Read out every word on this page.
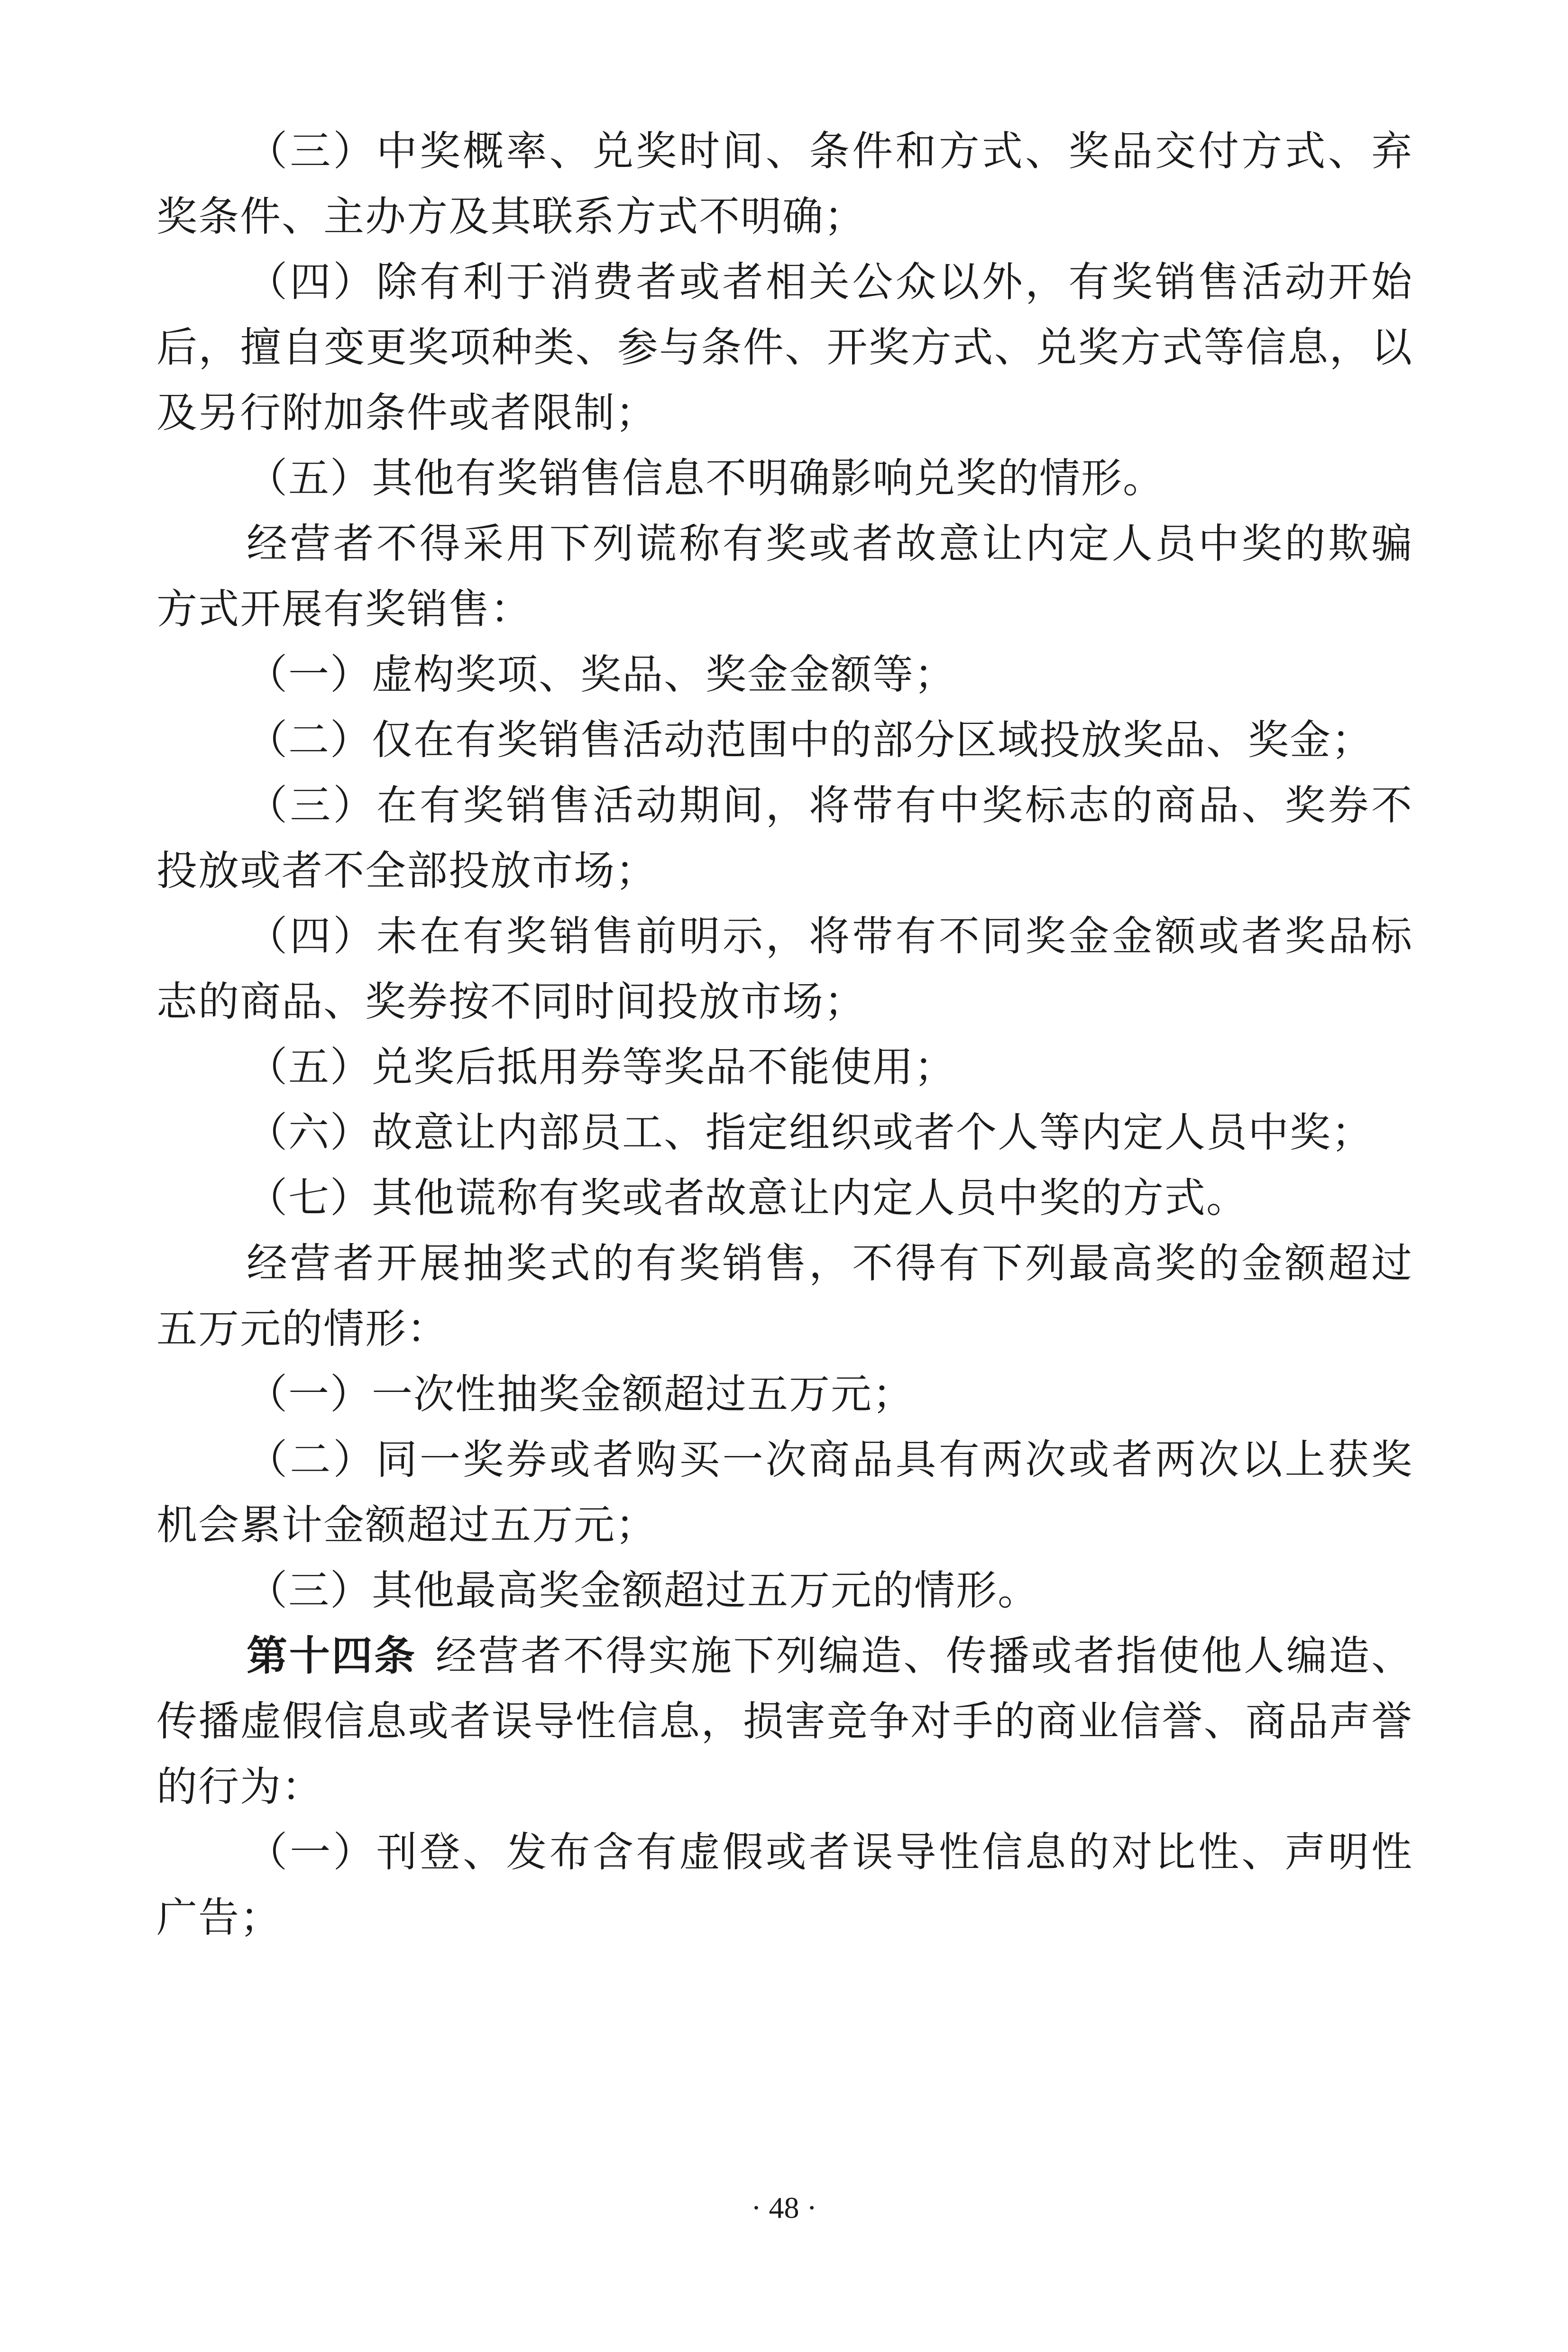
（三）中奖概率、兑奖时间、条件和方式、奖品交付方式、弃奖条件、主办方及其联系方式不明确；

（四）除有利于消费者或者相关公众以外，有奖销售活动开始后，擅自变更奖项种类、参与条件、开奖方式、兑奖方式等信息，以及另行附加条件或者限制；

（五）其他有奖销售信息不明确影响兑奖的情形。

经营者不得采用下列谎称有奖或者故意让内定人员中奖的欺骗方式开展有奖销售：

（一）虚构奖项、奖品、奖金金额等；

（二）仅在有奖销售活动范围中的部分区域投放奖品、奖金；

（三）在有奖销售活动期间，将带有中奖标志的商品、奖券不投放或者不全部投放市场；

（四）未在有奖销售前明示，将带有不同奖金金额或者奖品标志的商品、奖券按不同时间投放市场；

（五）兑奖后抵用券等奖品不能使用；

（六）故意让内部员工、指定组织或者个人等内定人员中奖；

（七）其他谎称有奖或者故意让内定人员中奖的方式。

经营者开展抽奖式的有奖销售，不得有下列最高奖的金额超过五万元的情形：

（一）一次性抽奖金额超过五万元；

（二）同一奖券或者购买一次商品具有两次或者两次以上获奖机会累计金额超过五万元；

（三）其他最高奖金额超过五万元的情形。

第十四条 经营者不得实施下列编造、传播或者指使他人编造、传播虚假信息或者误导性信息，损害竞争对手的商业信誉、商品声誉的行为：

（一）刊登、发布含有虚假或者误导性信息的对比性、声明性广告；

· 48 ·
